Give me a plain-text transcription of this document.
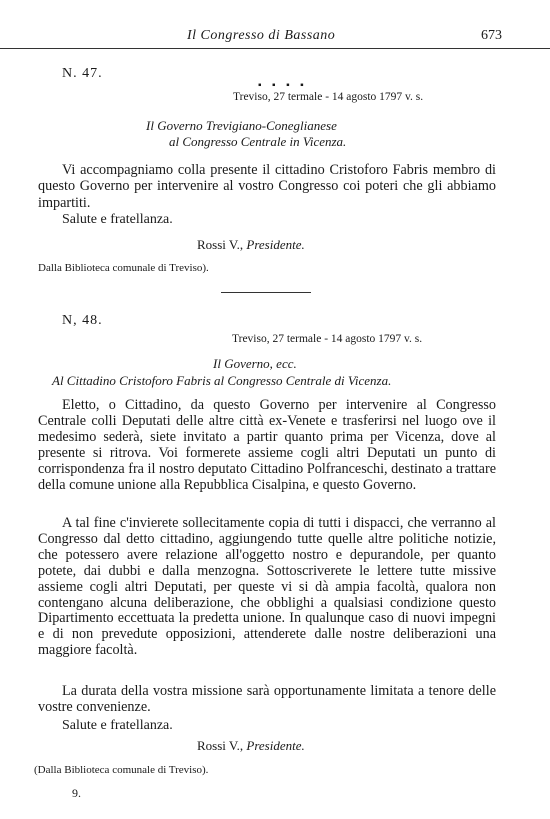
Il Congresso di Bassano	673
N. 47.
▪ ▪ ▪ ▪
Treviso, 27 termale - 14 agosto 1797 v. s.
Il Governo Trevigiano-Coneglianese
al Congresso Centrale in Vicenza.

Vi accompagniamo colla presente il cittadino Cristoforo Fabris membro di questo Governo per intervenire al vostro Congresso coi poteri che gli abbiamo impartiti.

Salute e fratellanza.
Rossi V., Presidente.
Dalla Biblioteca comunale di Treviso).
N, 48.
Treviso, 27 termale - 14 agosto 1797 v. s.
Il Governo, ecc.
Al Cittadino Cristoforo Fabris al Congresso Centrale di Vicenza.

Eletto, o Cittadino, da questo Governo per intervenire al Congresso Centrale colli Deputati delle altre città ex-Venete e trasferirsi nel luogo ove il medesimo sederà, siete invitato a partir quanto prima per Vicenza, dove al presente si ritrova. Voi formerete assieme cogli altri Deputati un punto di corrispondenza fra il nostro deputato Cittadino Polfranceschi, destinato a trattare della comune unione alla Repubblica Cisalpina, e questo Governo.

A tal fine c'invierete sollecitamente copia di tutti i dispacci, che verranno al Congresso dal detto cittadino, aggiungendo tutte quelle altre politiche notizie, che potessero avere relazione all'oggetto nostro e depurandole, per quanto potete, dai dubbi e dalla menzogna. Sottoscriverete le lettere tutte missive assieme cogli altri Deputati, per queste vi si dà ampia facoltà, qualora non contengano alcuna deliberazione, che obblighi a qualsiasi condizione questo Dipartimento eccettuata la predetta unione. In qualunque caso di nuovi impegni e di non prevedute opposizioni, attenderete dalle nostre deliberazioni una maggiore facoltà.

La durata della vostra missione sarà opportunamente limitata a tenore delle vostre convenienze.

Salute e fratellanza.
Rossi V., Presidente.
(Dalla Biblioteca comunale di Treviso).
9.
